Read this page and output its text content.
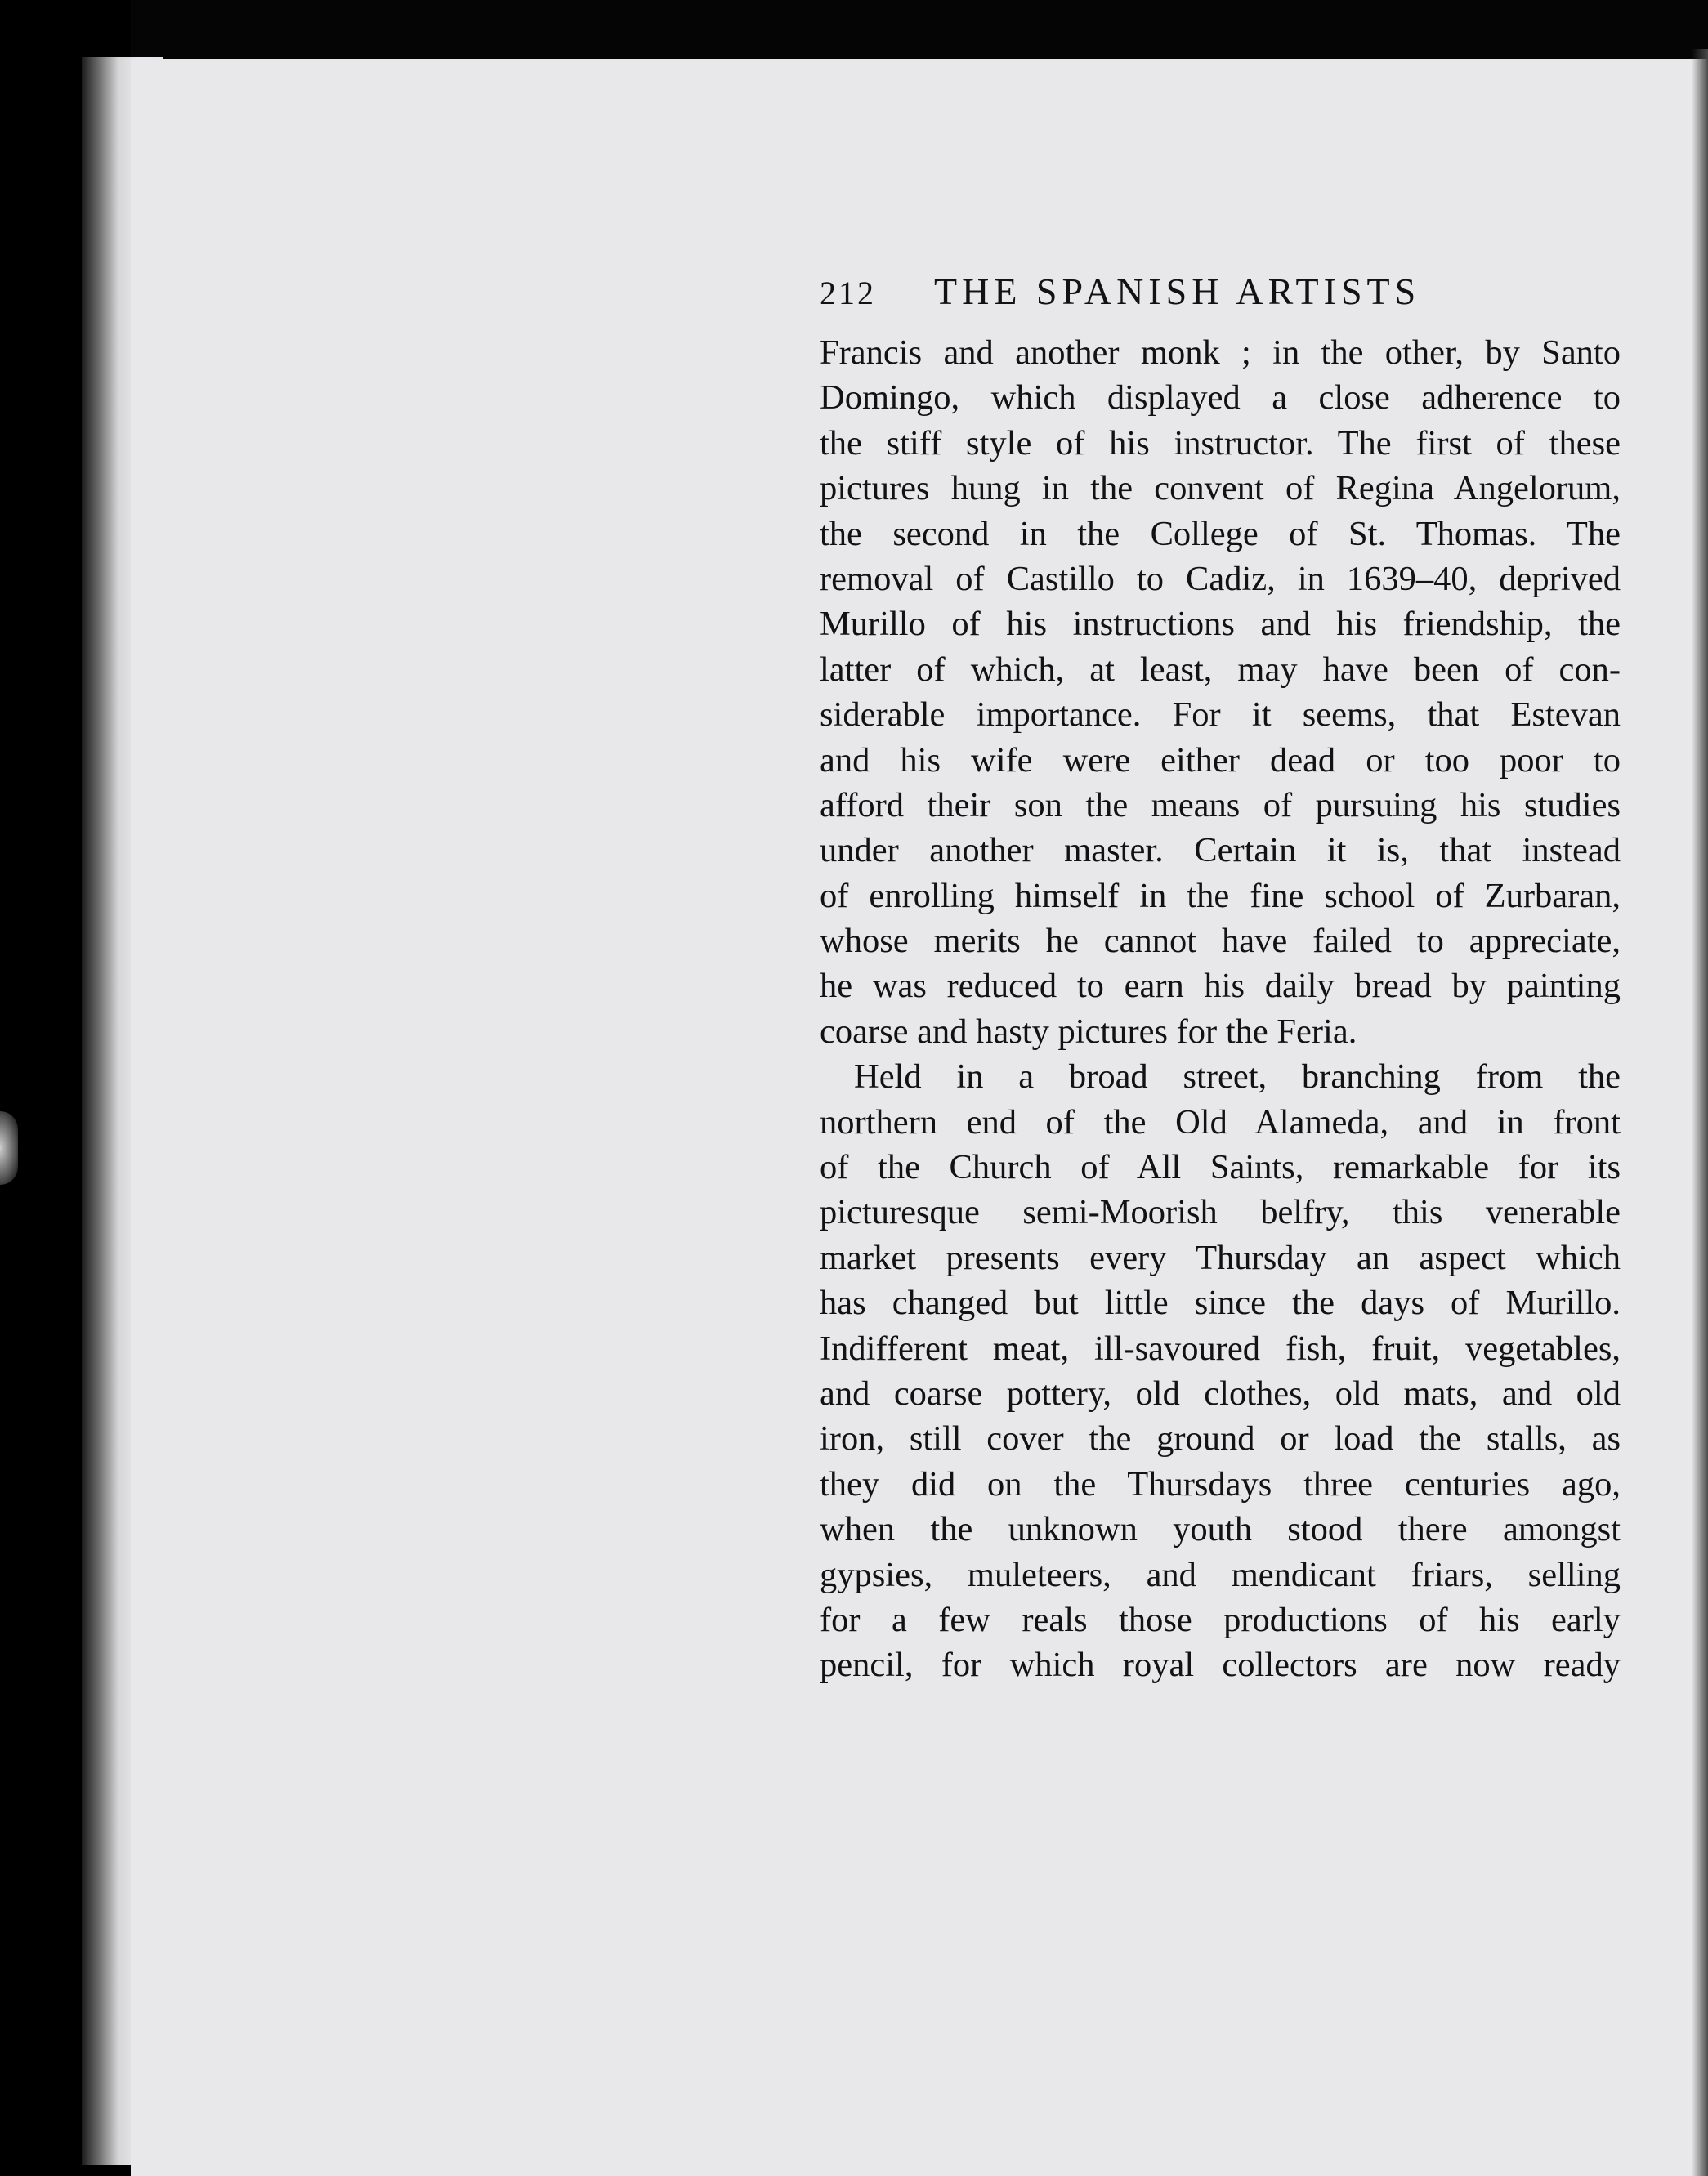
212	THE SPANISH ARTISTS
Francis and another monk ; in the other, by Santo
Domingo, which displayed a close adherence to
the stiff style of his instructor. The first of these
pictures hung in the convent of Regina Angelorum,
the second in the College of St. Thomas. The
removal of Castillo to Cadiz, in 1639–40, deprived
Murillo of his instructions and his friendship, the
latter of which, at least, may have been of con-
siderable importance. For it seems, that Estevan
and his wife were either dead or too poor to
afford their son the means of pursuing his studies
under another master. Certain it is, that instead
of enrolling himself in the fine school of Zurbaran,
whose merits he cannot have failed to appreciate,
he was reduced to earn his daily bread by painting
coarse and hasty pictures for the Feria.
Held in a broad street, branching from the
northern end of the Old Alameda, and in front
of the Church of All Saints, remarkable for its
picturesque semi-Moorish belfry, this venerable
market presents every Thursday an aspect which
has changed but little since the days of Murillo.
Indifferent meat, ill-savoured fish, fruit, vegetables,
and coarse pottery, old clothes, old mats, and old
iron, still cover the ground or load the stalls, as
they did on the Thursdays three centuries ago,
when the unknown youth stood there amongst
gypsies, muleteers, and mendicant friars, selling
for a few reals those productions of his early
pencil, for which royal collectors are now ready
